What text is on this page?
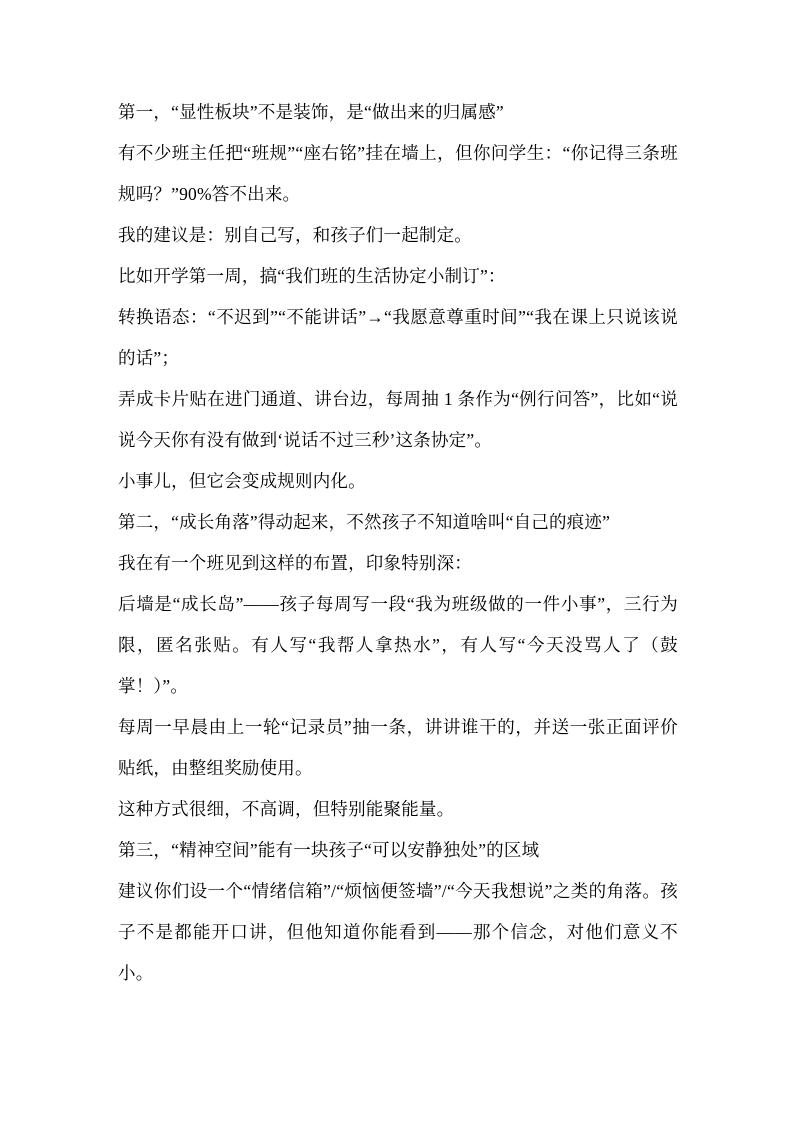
第一，“显性板块”不是装饰，是“做出来的归属感”

有不少班主任把“班规”“座右铭”挂在墙上，但你问学生：“你记得三条班规吗？”90%答不出来。

我的建议是：别自己写，和孩子们一起制定。

比如开学第一周，搞“我们班的生活协定小制订”：

转换语态：“不迟到”“不能讲话”→“我愿意尊重时间”“我在课上只说该说的话”；

弄成卡片贴在进门通道、讲台边，每周抽 1 条作为“例行问答”，比如“说说今天你有没有做到‘说话不过三秒’这条协定”。

小事儿，但它会变成规则内化。

第二，“成长角落”得动起来，不然孩子不知道啥叫“自己的痕迹”

我在有一个班见到这样的布置，印象特别深：

后墙是“成长岛”——孩子每周写一段“我为班级做的一件小事”，三行为限，匿名张贴。有人写“我帮人拿热水”，有人写“今天没骂人了（鼓掌！）”。

每周一早晨由上一轮“记录员”抽一条，讲讲谁干的，并送一张正面评价贴纸，由整组奖励使用。

这种方式很细，不高调，但特别能聚能量。

第三，“精神空间”能有一块孩子“可以安静独处”的区域

建议你们设一个“情绪信箱”/“烦恼便签墙”/“今天我想说”之类的角落。孩子不是都能开口讲，但他知道你能看到——那个信念，对他们意义不小。
